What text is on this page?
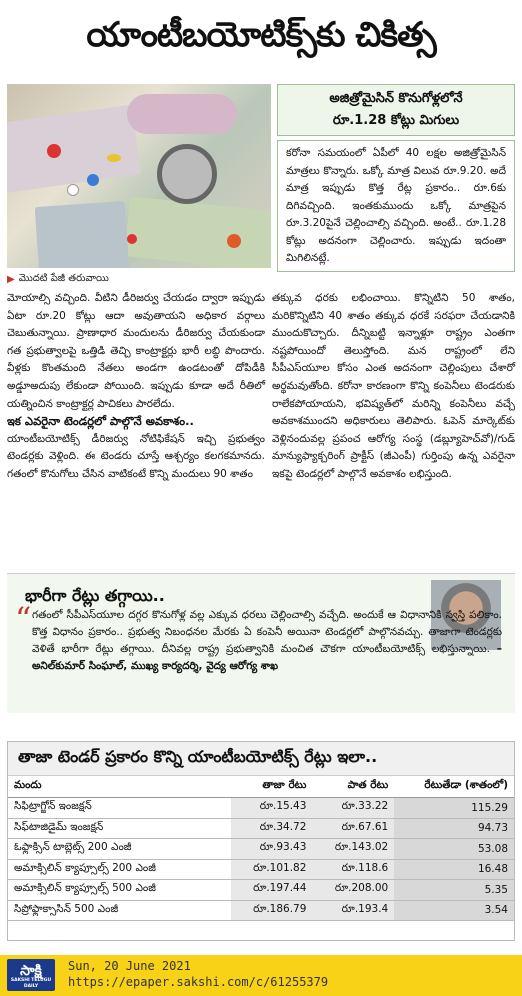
యాంటీబయోటిక్స్‌కు చికిత్స
▶ మొదటి పేజీ తరువాయి
అజిత్రోమైసిన్ కొనుగోళ్లలోనే
రూ.1.28 కోట్లు మిగులు
కరోనా సమయంలో ఏపీలో 40 లక్షల అజిత్రోమైసిన్ మాత్రలు కొన్నారు. ఒక్కో మాత్ర విలువ రూ.9.20. అదే మాత్ర ఇప్పుడు కొత్త రేట్ల ప్రకారం.. రూ.6కు దిగివచ్చింది. ఇంతకుముందు ఒక్కో మాత్రపైన రూ.3.20పైనే చెల్లించాల్సి వచ్చింది. అంటే.. రూ.1.28 కోట్లు అదనంగా చెల్లించారు. ఇప్పుడు ఇదంతా మిగిలినట్లే.

మోయాల్సి వచ్చింది. వీటిని డీరిజర్వు చేయడం ద్వారా ఇప్పుడు ఏటా రూ.20 కోట్లు ఆదా అవుతాయని అధికార వర్గాలు చెబుతున్నాయి. ప్రాణాధార మందులను డీరిజర్వు చేయకుండా గత ప్రభుత్వాలపై ఒత్తిడి తెచ్చి కాంట్రాక్టర్లు భారీ లబ్ధి పొందారు. వీళ్లకు కొంతమంది నేతలు అండగా ఉండటంతో దోపిడీకి అడ్డూఅదుపు లేకుండా పోయింది. ఇప్పుడు కూడా అదే రీతిలో యత్నించిన కాంట్రాక్టర్ల పాచికలు పారలేదు.

ఇక ఎవరైనా టెండర్లలో పాల్గొనే అవకాశం..

యాంటీబయోటిక్స్ డీరిజర్వు నోటిఫికేషన్ ఇచ్చి ప్రభుత్వం టెండర్లకు వెళ్లింది. ఈ టెండరు చూస్తే ఆశ్చర్యం కలగకమానదు. గతంలో కొనుగోలు చేసిన వాటికంటే కొన్ని మందులు 90 శాతం

తక్కువ ధరకు లభించాయి. కొన్నిటిని 50 శాతం, మరికొన్నిటిని 40 శాతం తక్కువ ధరకే సరఫరా చేయడానికి ముందుకొచ్చారు. దీన్నిబట్టి ఇన్నాళ్లూ రాష్ట్రం ఎంతగా నష్టపోయిందో తెలుస్తోంది. మన రాష్ట్రంలో లేని సీపీఎస్‌యూల కోసం ఎంత అదనంగా చెల్లింపులు చేశారో అర్థమవుతోంది. కరోనా కారణంగా కొన్ని కంపెనీలు టెండరుకు రాలేకపోయాయని, భవిష్యత్‌లో మరిన్ని కంపెనీలు వచ్చే అవకాశముందని అధికారులు తెలిపారు. ఓపెన్ మార్కెట్‌కు వెళ్లినందువల్ల ప్రపంచ ఆరోగ్య సంస్థ (డబ్ల్యూహెచ్‌వో)/గుడ్ మాన్యుఫ్యాక్చరింగ్ ప్రాక్టీస్ (జీఎంపీ) గుర్తింపు ఉన్న ఎవరైనా ఇకపై టెండర్లలో పాల్గొనే అవకాశం లభిస్తుంది.

భారీగా రేట్లు తగ్గాయి..
“ గతంలో సీపీఎస్‌యూల దగ్గర కొనుగోళ్ల వల్ల ఎక్కువ ధరలు చెల్లించాల్సి వచ్చేది. అందుకే ఆ విధానానికి స్వస్తి పలికాం. కొత్త విధానం ప్రకారం.. ప్రభుత్వ నిబంధనల మేరకు ఏ కంపెనీ అయినా టెండర్లలో పాల్గొనవచ్చు. తాజాగా టెండర్లకు వెళితే భారీగా రేట్లు తగ్గాయి. దీనివల్ల రాష్ట్ర ప్రభుత్వానికి మంచిత చౌకగా యాంటీబయోటిక్స్ లభిస్తున్నాయి. – అనిల్‌కుమార్ సింఘాల్, ముఖ్య కార్యదర్శి, వైద్య ఆరోగ్య శాఖ
తాజా టెండర్ ప్రకారం కొన్ని యాంటీబయోటిక్స్ రేట్లు ఇలా..
మందు	తాజా రేటు	పాత రేటు	రేటుతేడా (శాతంలో)
సిఫిట్రాగ్జోన్ ఇంజక్షన్	రూ.15.43	రూ.33.22	115.29
సిఫ్‌టాజిడైమ్ ఇంజక్షన్	రూ.34.72	రూ.67.61	94.73
ఓఫ్లాక్సిన్ టాబ్లెట్స్ 200 ఎంజీ	రూ.93.43	రూ.143.02	53.08
అమాక్సిలిన్ క్యాప్సూల్స్ 200 ఎంజీ	రూ.101.82	రూ.118.6	16.48
అమాక్సిలిన్ క్యాప్సూల్స్ 500 ఎంజీ	రూ.197.44	రూ.208.00	5.35
సిప్రోఫ్లాక్సాసిన్ 500 ఎంజీ	రూ.186.79	రూ.193.4	3.54
సాక్షి
SAKSHI TELUGU DAILY
Sun, 20 June 2021
https://epaper.sakshi.com/c/61255379
